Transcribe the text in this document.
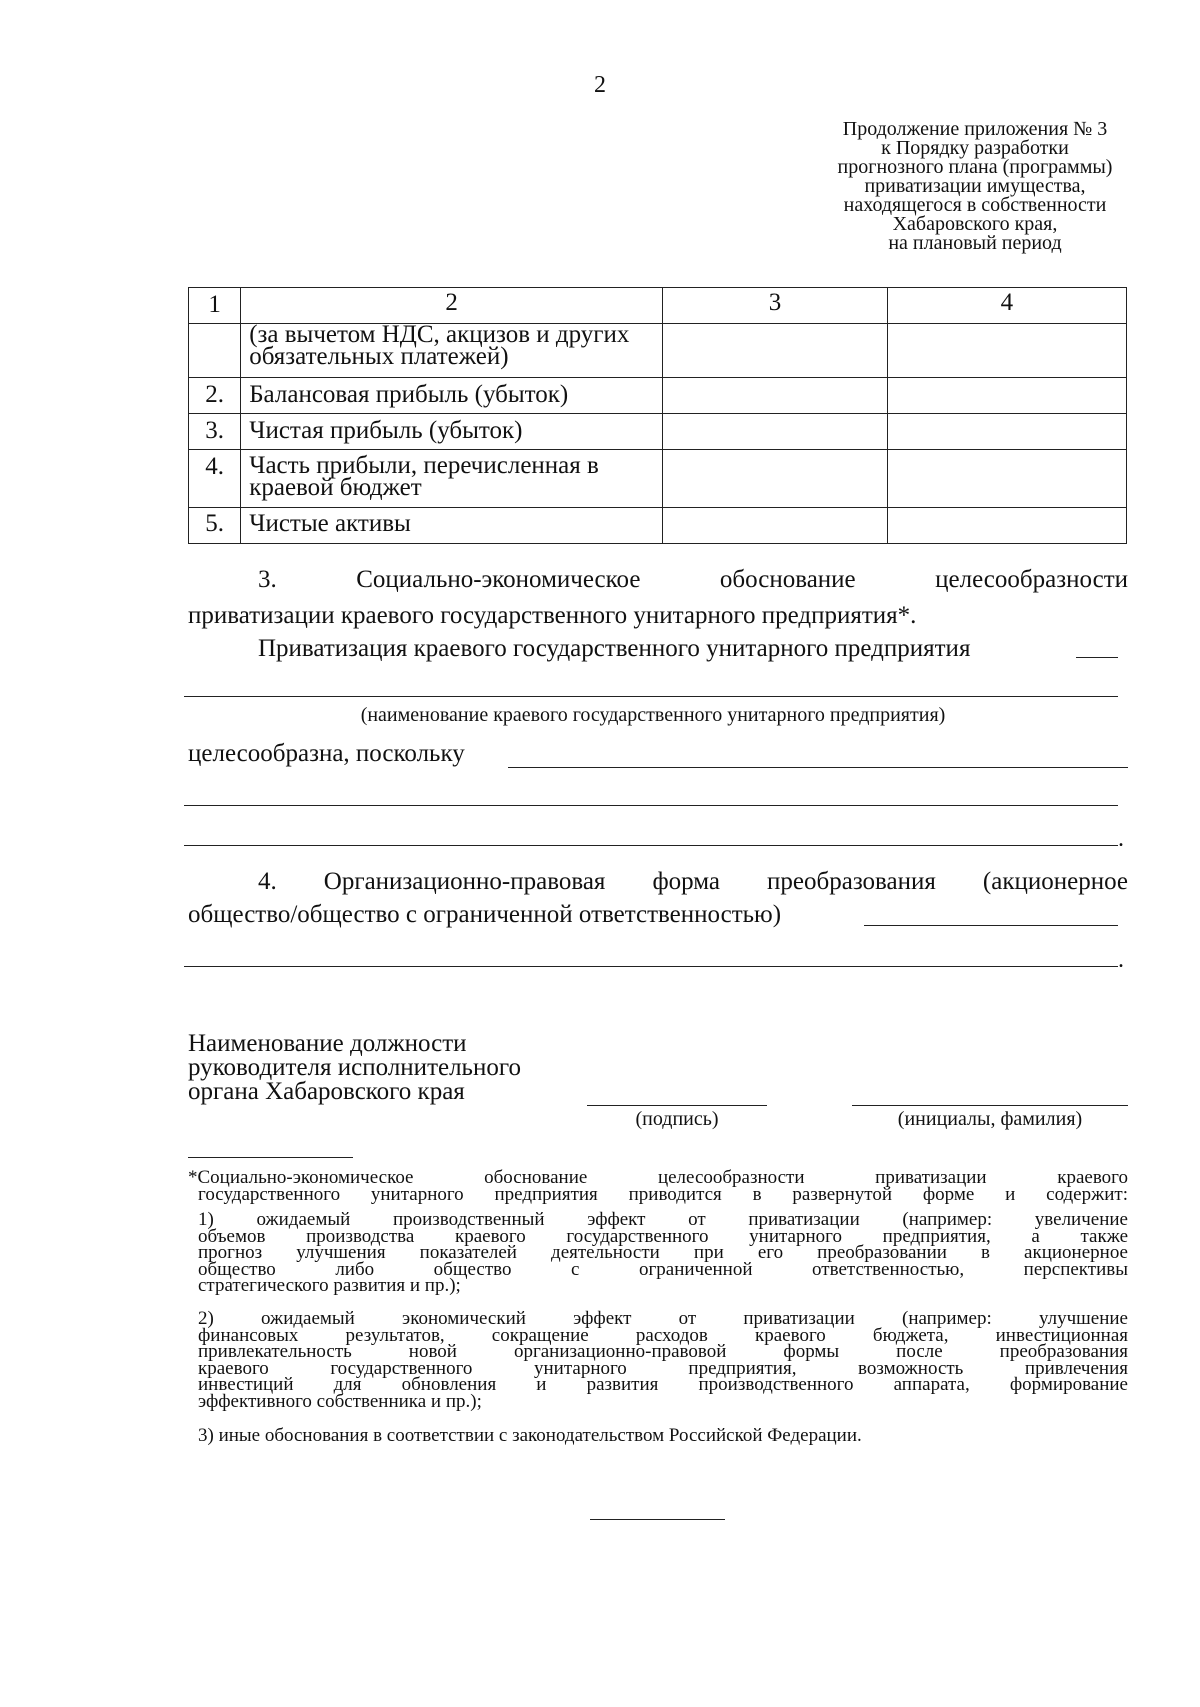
2
Продолжение приложения № 3
к Порядку разработки
прогнозного плана (программы)
приватизации имущества,
находящегося в собственности
Хабаровского края,
на плановый период
1	2	3	4
	(за вычетом НДС, акцизов и других обязательных платежей)		
2.	Балансовая прибыль (убыток)		
3.	Чистая прибыль (убыток)		
4.	Часть прибыли, перечисленная в краевой бюджет		
5.	Чистые активы		
3. Социально-экономическое обоснование целесообразности
приватизации краевого государственного унитарного предприятия*.
Приватизация краевого государственного унитарного предприятия
(наименование краевого государственного унитарного предприятия)
целесообразна, поскольку
.
4. Организационно-правовая форма преобразования (акционерное
общество/общество с ограниченной ответственностью)
.
Наименование должности
руководителя исполнительного
органа Хабаровского края
(подпись)	(инициалы, фамилия)
*Социально-экономическое обоснование целесообразности приватизации краевого
государственного унитарного предприятия приводится в развернутой форме и содержит:
1) ожидаемый производственный эффект от приватизации (например: увеличение
объемов производства краевого государственного унитарного предприятия, а также
прогноз улучшения показателей деятельности при его преобразовании в акционерное
общество либо общество с ограниченной ответственностью, перспективы
стратегического развития и пр.);
2) ожидаемый экономический эффект от приватизации (например: улучшение
финансовых результатов, сокращение расходов краевого бюджета, инвестиционная
привлекательность новой организационно-правовой формы после преобразования
краевого государственного унитарного предприятия, возможность привлечения
инвестиций для обновления и развития производственного аппарата, формирование
эффективного собственника и пр.);
3) иные обоснования в соответствии с законодательством Российской Федерации.
